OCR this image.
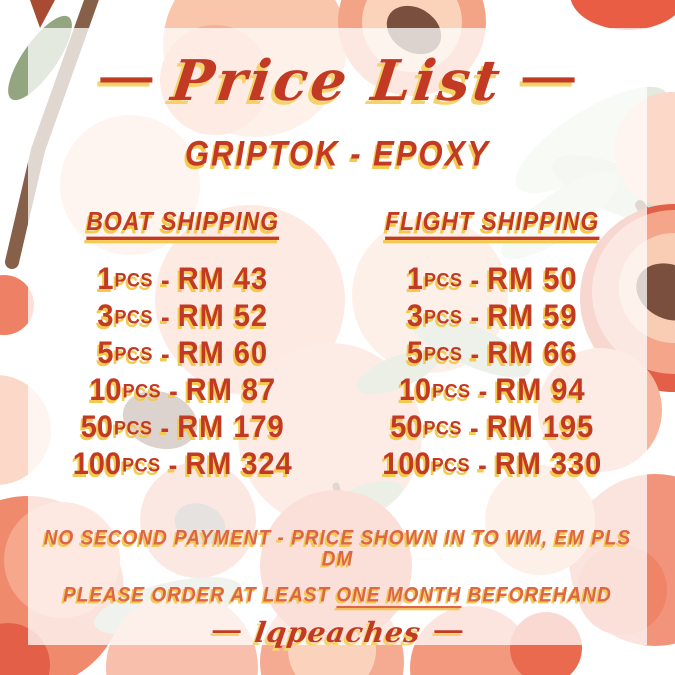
— Price List —
GRIPTOK - EPOXY
BOAT SHIPPING
1 PCS - RM 43
3 PCS - RM 52
5 PCS - RM 60
10 PCS - RM 87
50 PCS - RM 179
100 PCS - RM 324
FLIGHT SHIPPING
1 PCS - RM 50
3 PCS - RM 59
5 PCS - RM 66
10 PCS - RM 94
50 PCS - RM 195
100 PCS - RM 330
NO SECOND PAYMENT - PRICE SHOWN IN TO WM, EM PLS DM
PLEASE ORDER AT LEAST ONE MONTH BEFOREHAND
— lqpeaches —
